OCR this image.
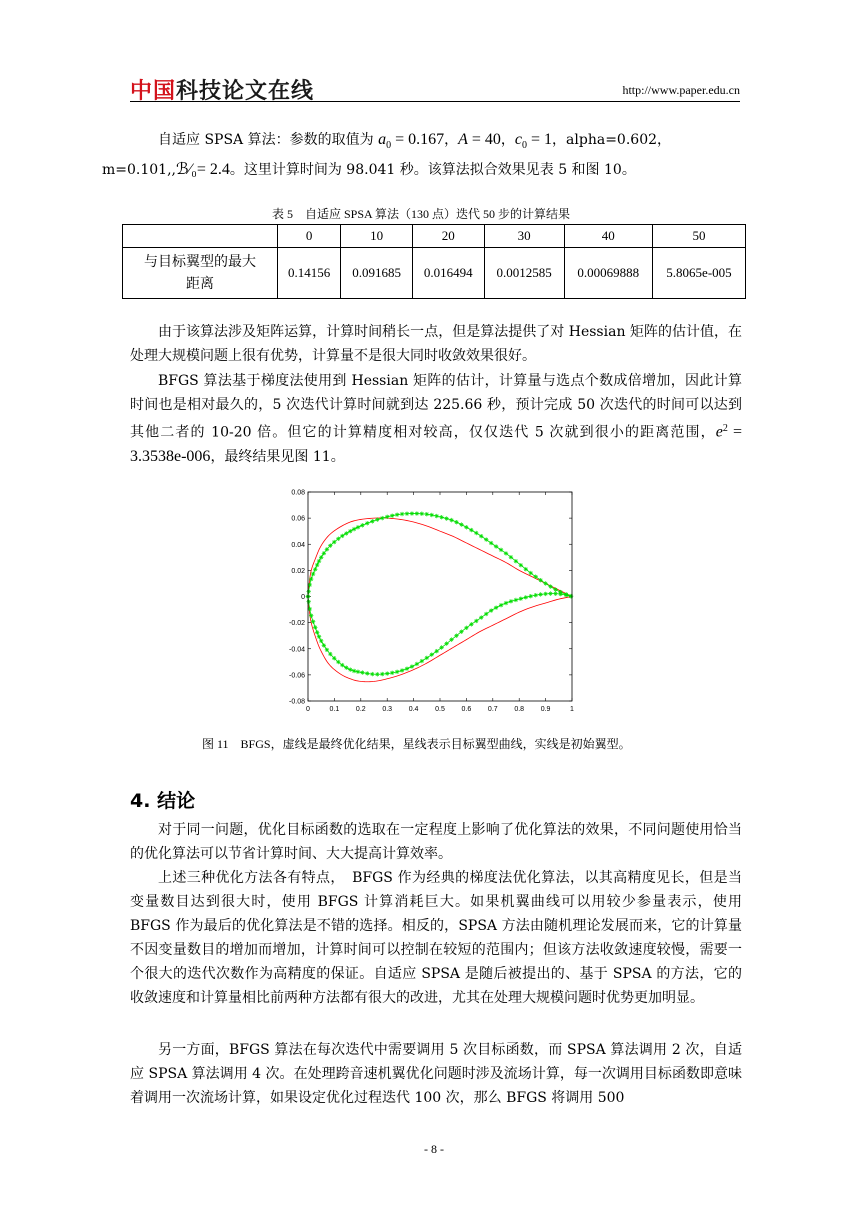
中国科技论文在线	http://www.paper.edu.cn
自适应 SPSA 算法：参数的取值为 $a_0 = 0.167$，A = 40，$c_0 = 1$，alpha=0.602，
m=0.101,,ℬ⁄₀= 2.4。这里计算时间为 98.041 秒。该算法拟合效果见表 5 和图 10。
表 5　自适应 SPSA 算法（130 点）迭代 50 步的计算结果
	0	10	20	30	40	50
与目标翼型的最大
距离	0.14156	0.091685	0.016494	0.0012585	0.00069888	5.8065e-005
由于该算法涉及矩阵运算，计算时间稍长一点，但是算法提供了对 Hessian 矩阵的估计值，在处理大规模问题上很有优势，计算量不是很大同时收敛效果很好。
BFGS 算法基于梯度法使用到 Hessian 矩阵的估计，计算量与选点个数成倍增加，因此计算时间也是相对最久的，5 次迭代计算时间就到达 225.66 秒，预计完成 50 次迭代的时间可以达到其他二者的 10-20 倍。但它的计算精度相对较高，仅仅迭代 5 次就到很小的距离范围，$e^2 = 3.3538e-006$，最终结果见图 11。
0	0.1 0.2 0.3 0.4 0.5 0.6 0.7 0.8 0.9	1
0.08
0.06
0.04
0.02
0
-0.02
-0.04
-0.06
-0.08
图 11　BFGS，虚线是最终优化结果，星线表示目标翼型曲线，实线是初始翼型。
4. 结论
对于同一问题，优化目标函数的选取在一定程度上影响了优化算法的效果，不同问题使用恰当的优化算法可以节省计算时间、大大提高计算效率。
上述三种优化方法各有特点，　BFGS 作为经典的梯度法优化算法，以其高精度见长，但是当变量数目达到很大时，使用 BFGS 计算消耗巨大。如果机翼曲线可以用较少参量表示，使用 BFGS 作为最后的优化算法是不错的选择。相反的，SPSA 方法由随机理论发展而来，它的计算量不因变量数目的增加而增加，计算时间可以控制在较短的范围内；但该方法收敛速度较慢，需要一个很大的迭代次数作为高精度的保证。自适应 SPSA 是随后被提出的、基于 SPSA 的方法，它的收敛速度和计算量相比前两种方法都有很大的改进，尤其在处理大规模问题时优势更加明显。
另一方面，BFGS 算法在每次迭代中需要调用 5 次目标函数，而 SPSA 算法调用 2 次，自适应 SPSA 算法调用 4 次。在处理跨音速机翼优化问题时涉及流场计算，每一次调用目标函数即意味着调用一次流场计算，如果设定优化过程迭代 100 次，那么 BFGS 将调用 500
- 8 -
